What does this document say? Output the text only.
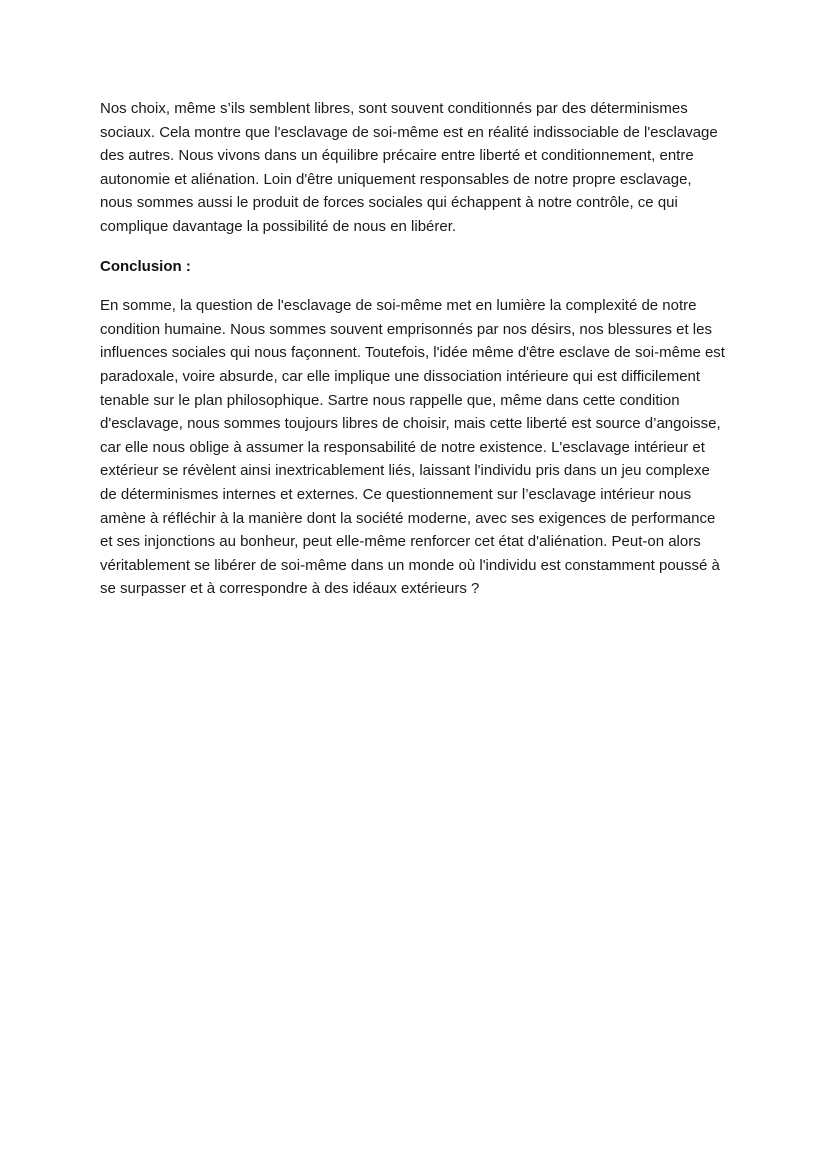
Nos choix, même s’ils semblent libres, sont souvent conditionnés par des déterminismes sociaux. Cela montre que l'esclavage de soi-même est en réalité indissociable de l'esclavage des autres. Nous vivons dans un équilibre précaire entre liberté et conditionnement, entre autonomie et aliénation. Loin d'être uniquement responsables de notre propre esclavage, nous sommes aussi le produit de forces sociales qui échappent à notre contrôle, ce qui complique davantage la possibilité de nous en libérer.

Conclusion :

En somme, la question de l'esclavage de soi-même met en lumière la complexité de notre condition humaine. Nous sommes souvent emprisonnés par nos désirs, nos blessures et les influences sociales qui nous façonnent. Toutefois, l'idée même d'être esclave de soi-même est paradoxale, voire absurde, car elle implique une dissociation intérieure qui est difficilement tenable sur le plan philosophique. Sartre nous rappelle que, même dans cette condition d'esclavage, nous sommes toujours libres de choisir, mais cette liberté est source d’angoisse, car elle nous oblige à assumer la responsabilité de notre existence. L'esclavage intérieur et extérieur se révèlent ainsi inextricablement liés, laissant l'individu pris dans un jeu complexe de déterminismes internes et externes. Ce questionnement sur l’esclavage intérieur nous amène à réfléchir à la manière dont la société moderne, avec ses exigences de performance et ses injonctions au bonheur, peut elle-même renforcer cet état d'aliénation. Peut-on alors véritablement se libérer de soi-même dans un monde où l'individu est constamment poussé à se surpasser et à correspondre à des idéaux extérieurs ?
